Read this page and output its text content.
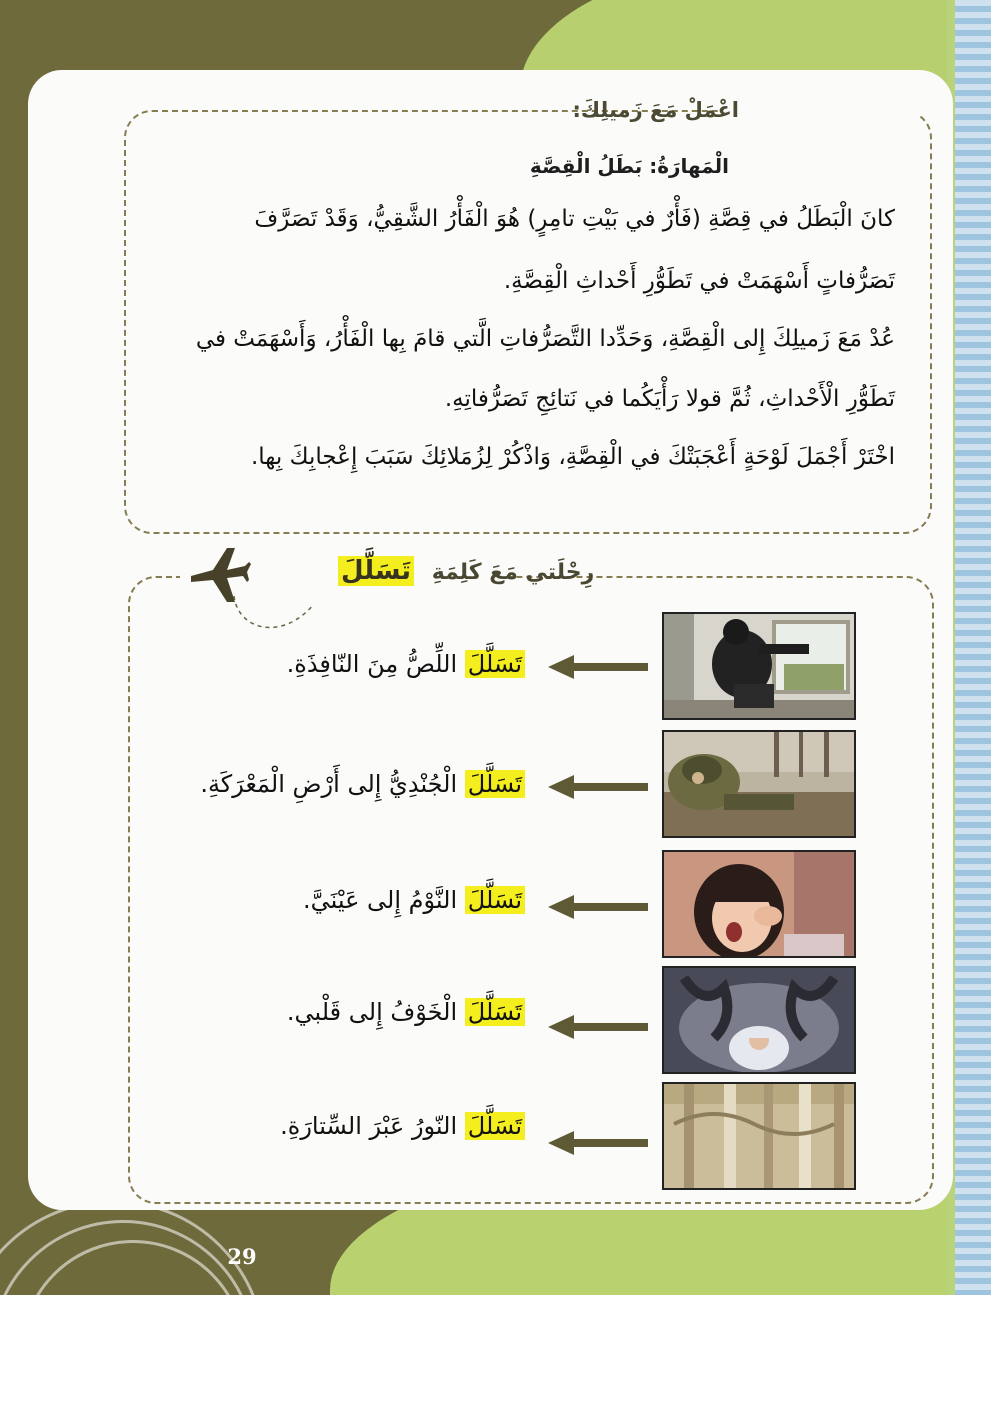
اعْمَلْ مَعَ زَميلِكَ:
الْمَهارَةُ: بَطَلُ الْقِصَّةِ
كانَ الْبَطَلُ في قِصَّةِ (فَأْرٌ في بَيْتِ تامِرٍ) هُوَ الْفَأْرُ الشَّقِيُّ، وَقَدْ تَصَرَّفَ
تَصَرُّفاتٍ أَسْهَمَتْ في تَطَوُّرِ أَحْداثِ الْقِصَّةِ.
عُدْ مَعَ زَميلِكَ إِلى الْقِصَّةِ، وَحَدِّدا التَّصَرُّفاتِ الَّتي قامَ بِها الْفَأْرُ، وَأَسْهَمَتْ في
تَطَوُّرِ الْأَحْداثِ، ثُمَّ قولا رَأْيَكُما في نَتائِجِ تَصَرُّفاتِهِ.
اخْتَرْ أَجْمَلَ لَوْحَةٍ أَعْجَبَتْكَ في الْقِصَّةِ، وَاذْكُرْ لِزُمَلائِكَ سَبَبَ إِعْجابِكَ بِها.
رِحْلَتي مَعَ كَلِمَةِ تَسَلَّلَ
تَسَلَّلَ اللِّصُّ مِنَ النّافِذَةِ.
تَسَلَّلَ الْجُنْدِيُّ إِلى أَرْضِ الْمَعْرَكَةِ.
تَسَلَّلَ النَّوْمُ إِلى عَيْنَيَّ.
تَسَلَّلَ الْخَوْفُ إِلى قَلْبي.
تَسَلَّلَ النّورُ عَبْرَ السِّتارَةِ.
29
